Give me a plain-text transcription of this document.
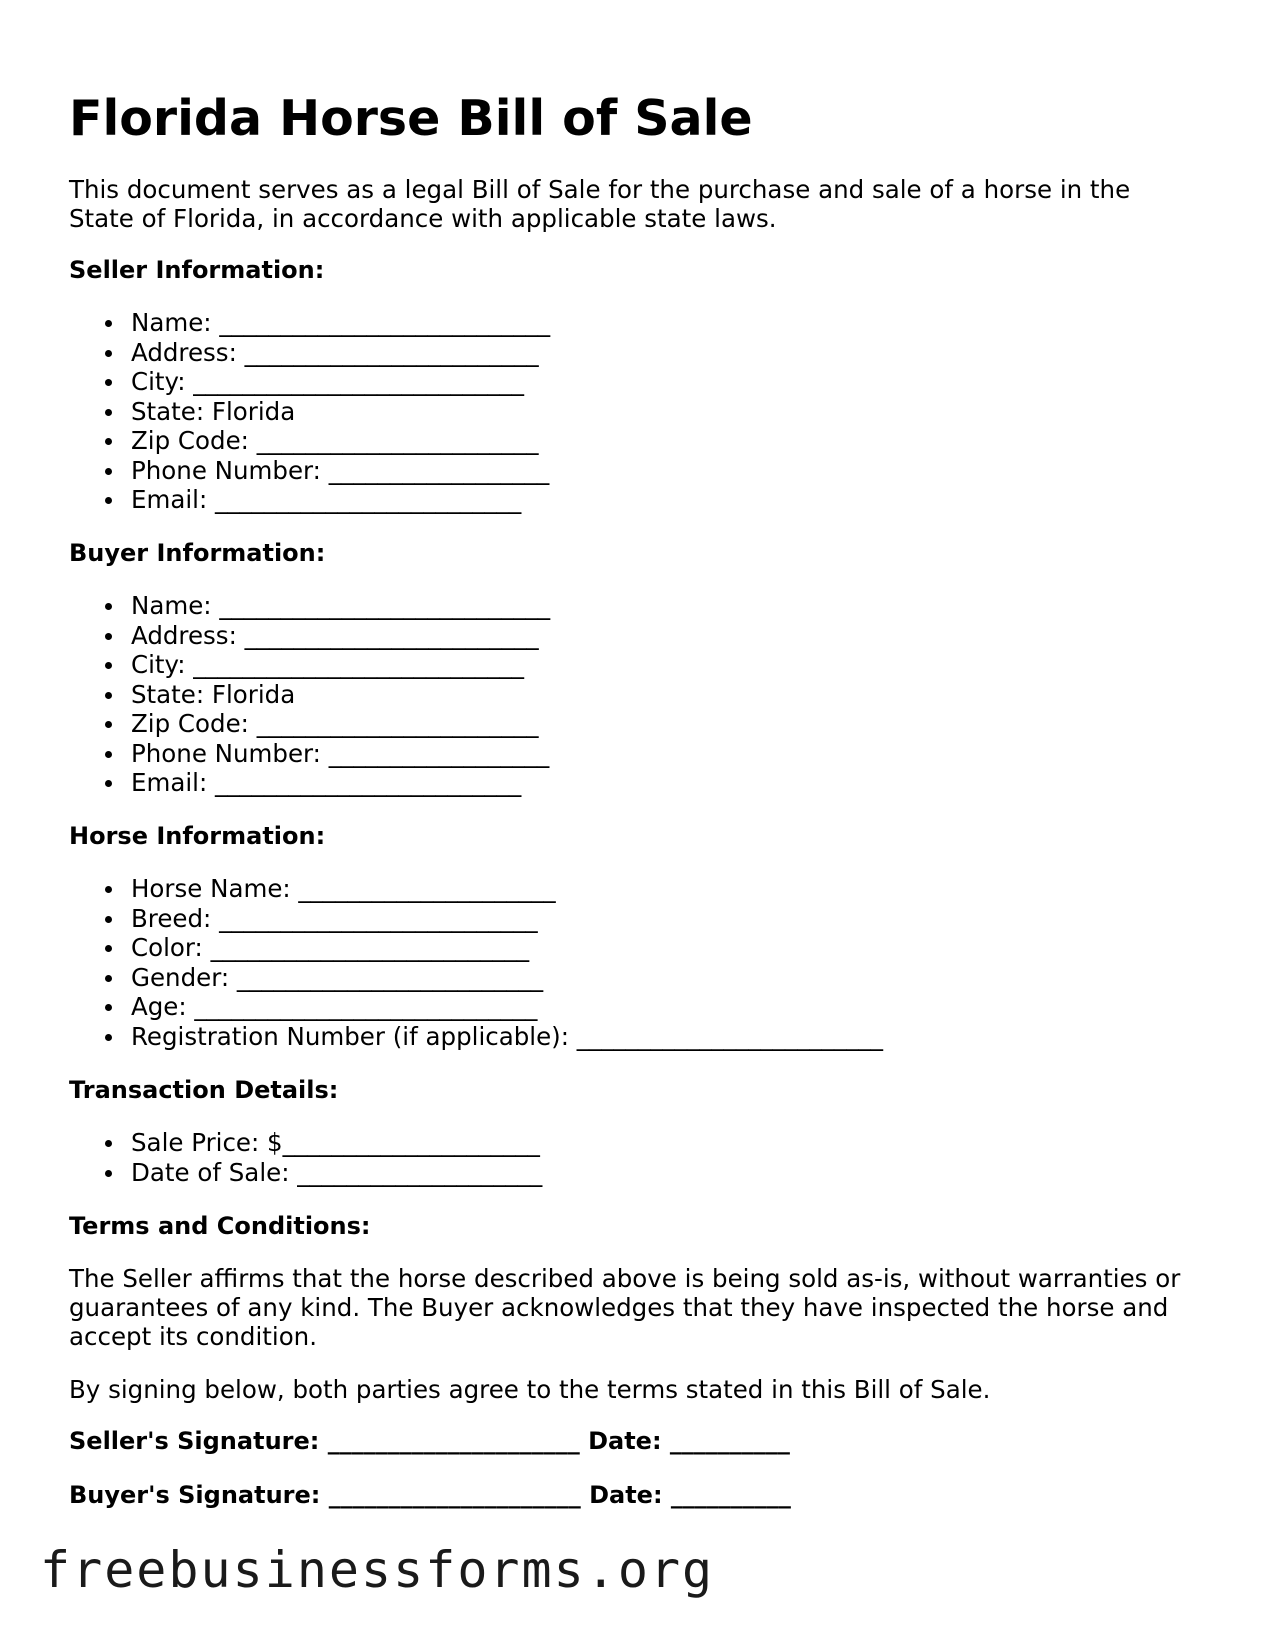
Florida Horse Bill of Sale

This document serves as a legal Bill of Sale for the purchase and sale of a horse in the State of Florida, in accordance with applicable state laws.

Seller Information:
Name: ___________________________
Address: ________________________
City: ___________________________
State: Florida
Zip Code: _______________________
Phone Number: __________________
Email: _________________________
Buyer Information:
Name: ___________________________
Address: ________________________
City: ___________________________
State: Florida
Zip Code: _______________________
Phone Number: __________________
Email: _________________________
Horse Information:
Horse Name: _____________________
Breed: __________________________
Color: __________________________
Gender: _________________________
Age: ____________________________
Registration Number (if applicable): _________________________
Transaction Details:
Sale Price: $_____________________
Date of Sale: ____________________
Terms and Conditions:

The Seller affirms that the horse described above is being sold as-is, without warranties or guarantees of any kind. The Buyer acknowledges that they have inspected the horse and accept its condition.

By signing below, both parties agree to the terms stated in this Bill of Sale.

Seller's Signature: _____________________ Date: __________
Buyer's Signature: _____________________ Date: __________
freebusinessforms.org
